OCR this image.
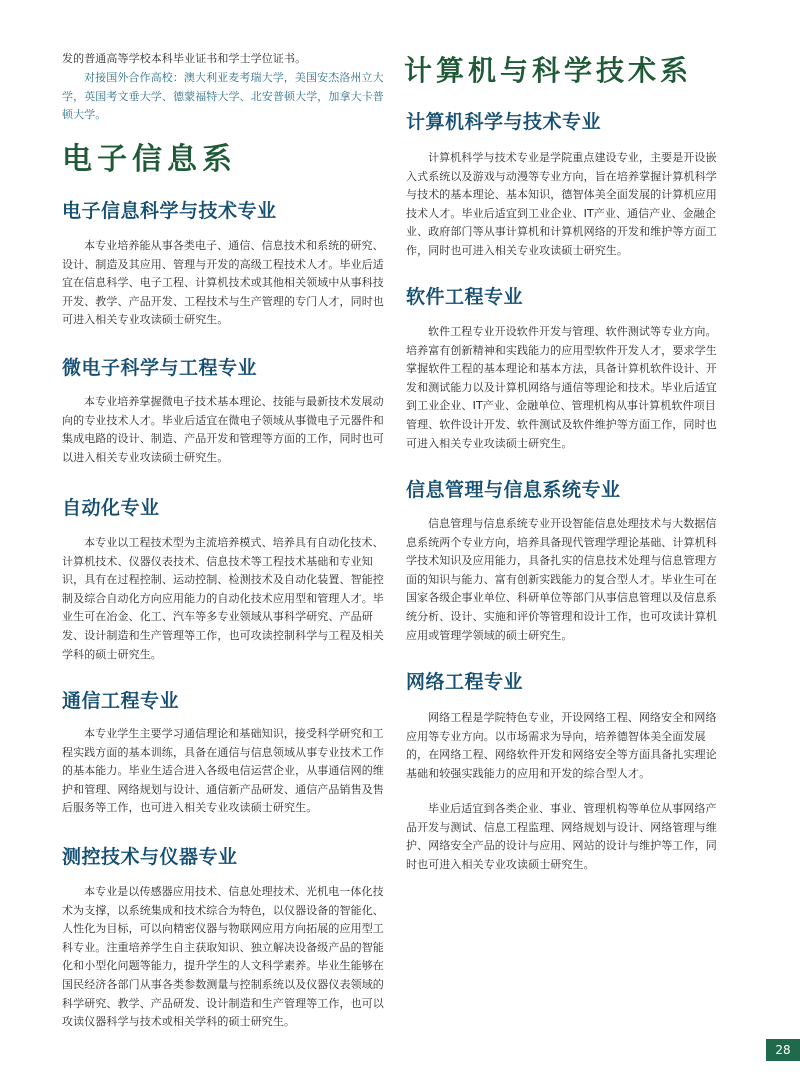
发的普通高等学校本科毕业证书和学士学位证书。

对接国外合作高校：澳大利亚麦考瑞大学，美国安杰洛州立大学，英国考文垂大学、德蒙福特大学、北安普顿大学，加拿大卡普顿大学。

电子信息系
电子信息科学与技术专业

本专业培养能从事各类电子、通信、信息技术和系统的研究、设计、制造及其应用、管理与开发的高级工程技术人才。毕业后适宜在信息科学、电子工程、计算机技术或其他相关领域中从事科技开发、教学、产品开发、工程技术与生产管理的专门人才，同时也可进入相关专业攻读硕士研究生。

微电子科学与工程专业

本专业培养掌握微电子技术基本理论、技能与最新技术发展动向的专业技术人才。毕业后适宜在微电子领域从事微电子元器件和集成电路的设计、制造、产品开发和管理等方面的工作，同时也可以进入相关专业攻读硕士研究生。

自动化专业

本专业以工程技术型为主流培养模式、培养具有自动化技术、计算机技术、仪器仪表技术、信息技术等工程技术基础和专业知识，具有在过程控制、运动控制、检测技术及自动化装置、智能控制及综合自动化方向应用能力的自动化技术应用型和管理人才。毕业生可在冶金、化工、汽车等多专业领域从事科学研究、产品研发、设计制造和生产管理等工作，也可攻读控制科学与工程及相关学科的硕士研究生。

通信工程专业

本专业学生主要学习通信理论和基础知识，接受科学研究和工程实践方面的基本训练，具备在通信与信息领域从事专业技术工作的基本能力。毕业生适合进入各级电信运营企业，从事通信网的维护和管理、网络规划与设计、通信新产品研发、通信产品销售及售后服务等工作，也可进入相关专业攻读硕士研究生。

测控技术与仪器专业

本专业是以传感器应用技术、信息处理技术、光机电一体化技术为支撑，以系统集成和技术综合为特色，以仪器设备的智能化、人性化为目标，可以向精密仪器与物联网应用方向拓展的应用型工科专业。注重培养学生自主获取知识、独立解决设备级产品的智能化和小型化问题等能力，提升学生的人文科学素养。毕业生能够在国民经济各部门从事各类参数测量与控制系统以及仪器仪表领域的科学研究、教学、产品研发、设计制造和生产管理等工作，也可以攻读仪器科学与技术或相关学科的硕士研究生。

计算机与科学技术系
计算机科学与技术专业

计算机科学与技术专业是学院重点建设专业，主要是开设嵌入式系统以及游戏与动漫等专业方向，旨在培养掌握计算机科学与技术的基本理论、基本知识，德智体美全面发展的计算机应用技术人才。毕业后适宜到工业企业、IT产业、通信产业、金融企业、政府部门等从事计算机和计算机网络的开发和维护等方面工作，同时也可进入相关专业攻读硕士研究生。

软件工程专业

软件工程专业开设软件开发与管理、软件测试等专业方向。培养富有创新精神和实践能力的应用型软件开发人才，要求学生掌握软件工程的基本理论和基本方法，具备计算机软件设计、开发和测试能力以及计算机网络与通信等理论和技术。毕业后适宜到工业企业、IT产业、金融单位、管理机构从事计算机软件项目管理、软件设计开发、软件测试及软件维护等方面工作，同时也可进入相关专业攻读硕士研究生。

信息管理与信息系统专业

信息管理与信息系统专业开设智能信息处理技术与大数据信息系统两个专业方向，培养具备现代管理学理论基础、计算机科学技术知识及应用能力，具备扎实的信息技术处理与信息管理方面的知识与能力、富有创新实践能力的复合型人才。毕业生可在国家各级企事业单位、科研单位等部门从事信息管理以及信息系统分析、设计、实施和评价等管理和设计工作，也可攻读计算机应用或管理学领域的硕士研究生。

网络工程专业

网络工程是学院特色专业，开设网络工程、网络安全和网络应用等专业方向。以市场需求为导向，培养德智体美全面发展的，在网络工程、网络软件开发和网络安全等方面具备扎实理论基础和较强实践能力的应用和开发的综合型人才。

毕业后适宜到各类企业、事业、管理机构等单位从事网络产品开发与测试、信息工程监理、网络规划与设计、网络管理与维护、网络安全产品的设计与应用、网站的设计与维护等工作，同时也可进入相关专业攻读硕士研究生。

28
